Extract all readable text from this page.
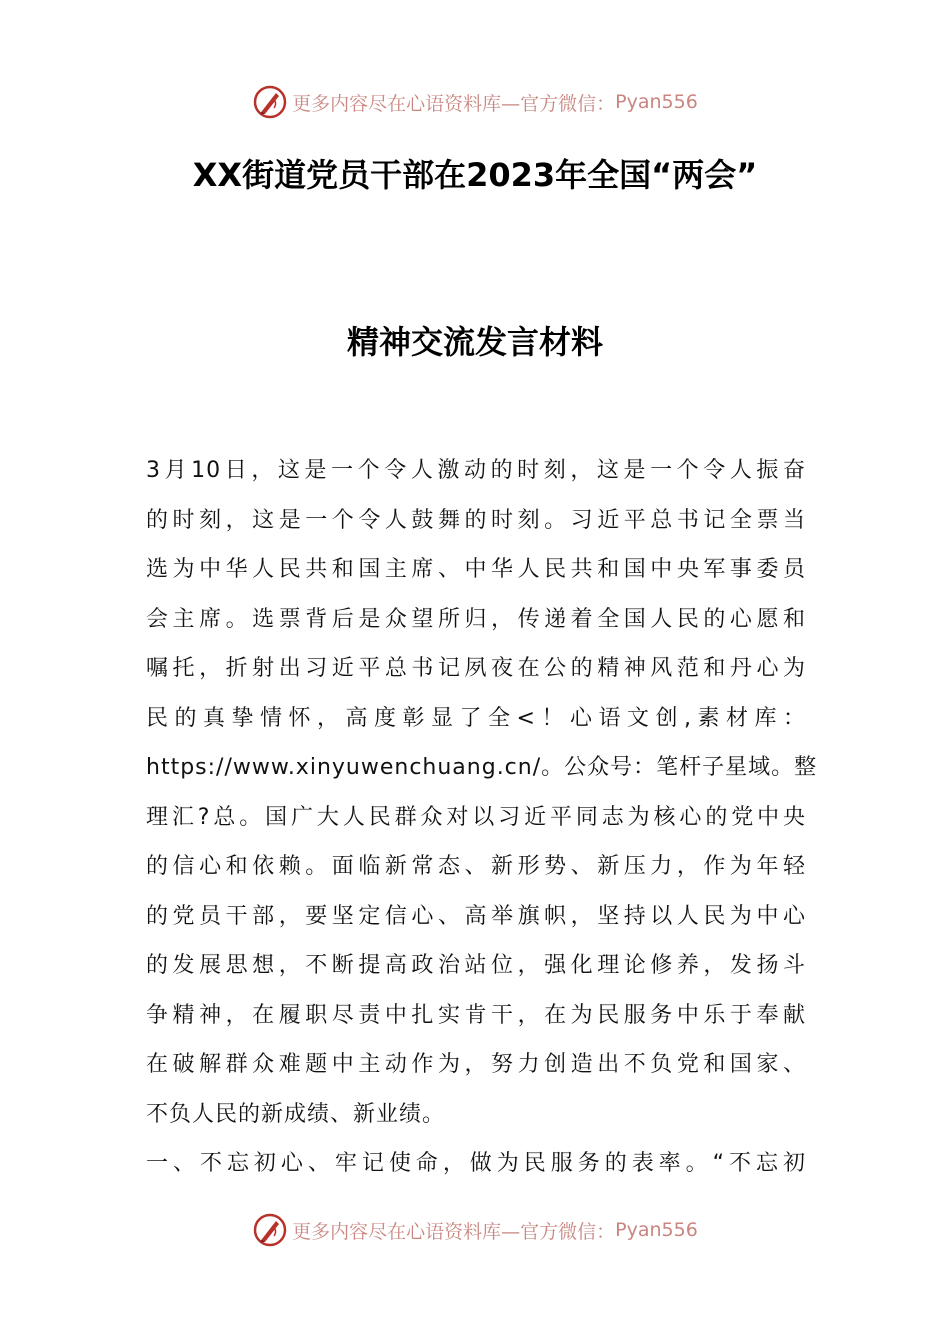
更多内容尽在心语资料库—官方微信： Pyan556
XX街道党员干部在2023年全国“两会”
精神交流发言材料
3月10日，这是一个令人激动的时刻，这是一个令人振奋
的时刻，这是一个令人鼓舞的时刻。习近平总书记全票当
选为中华人民共和国主席、中华人民共和国中央军事委员
会主席。选票背后是众望所归，传递着全国人民的心愿和
嘱托，折射出习近平总书记夙夜在公的精神风范和丹心为
民的真挚情怀，高度彰显了全<！心语文创,素材库：
https://www.xinyuwenchuang.cn/。公众号：笔杆子星域。整
理汇?总。国广大人民群众对以习近平同志为核心的党中央
的信心和依赖。面临新常态、新形势、新压力，作为年轻
的党员干部，要坚定信心、高举旗帜，坚持以人民为中心
的发展思想，不断提高政治站位，强化理论修养，发扬斗
争精神，在履职尽责中扎实肯干，在为民服务中乐于奉献
在破解群众难题中主动作为，努力创造出不负党和国家、
不负人民的新成绩、新业绩。
一、不忘初心、牢记使命，做为民服务的表率。“不忘初
更多内容尽在心语资料库—官方微信： Pyan556
